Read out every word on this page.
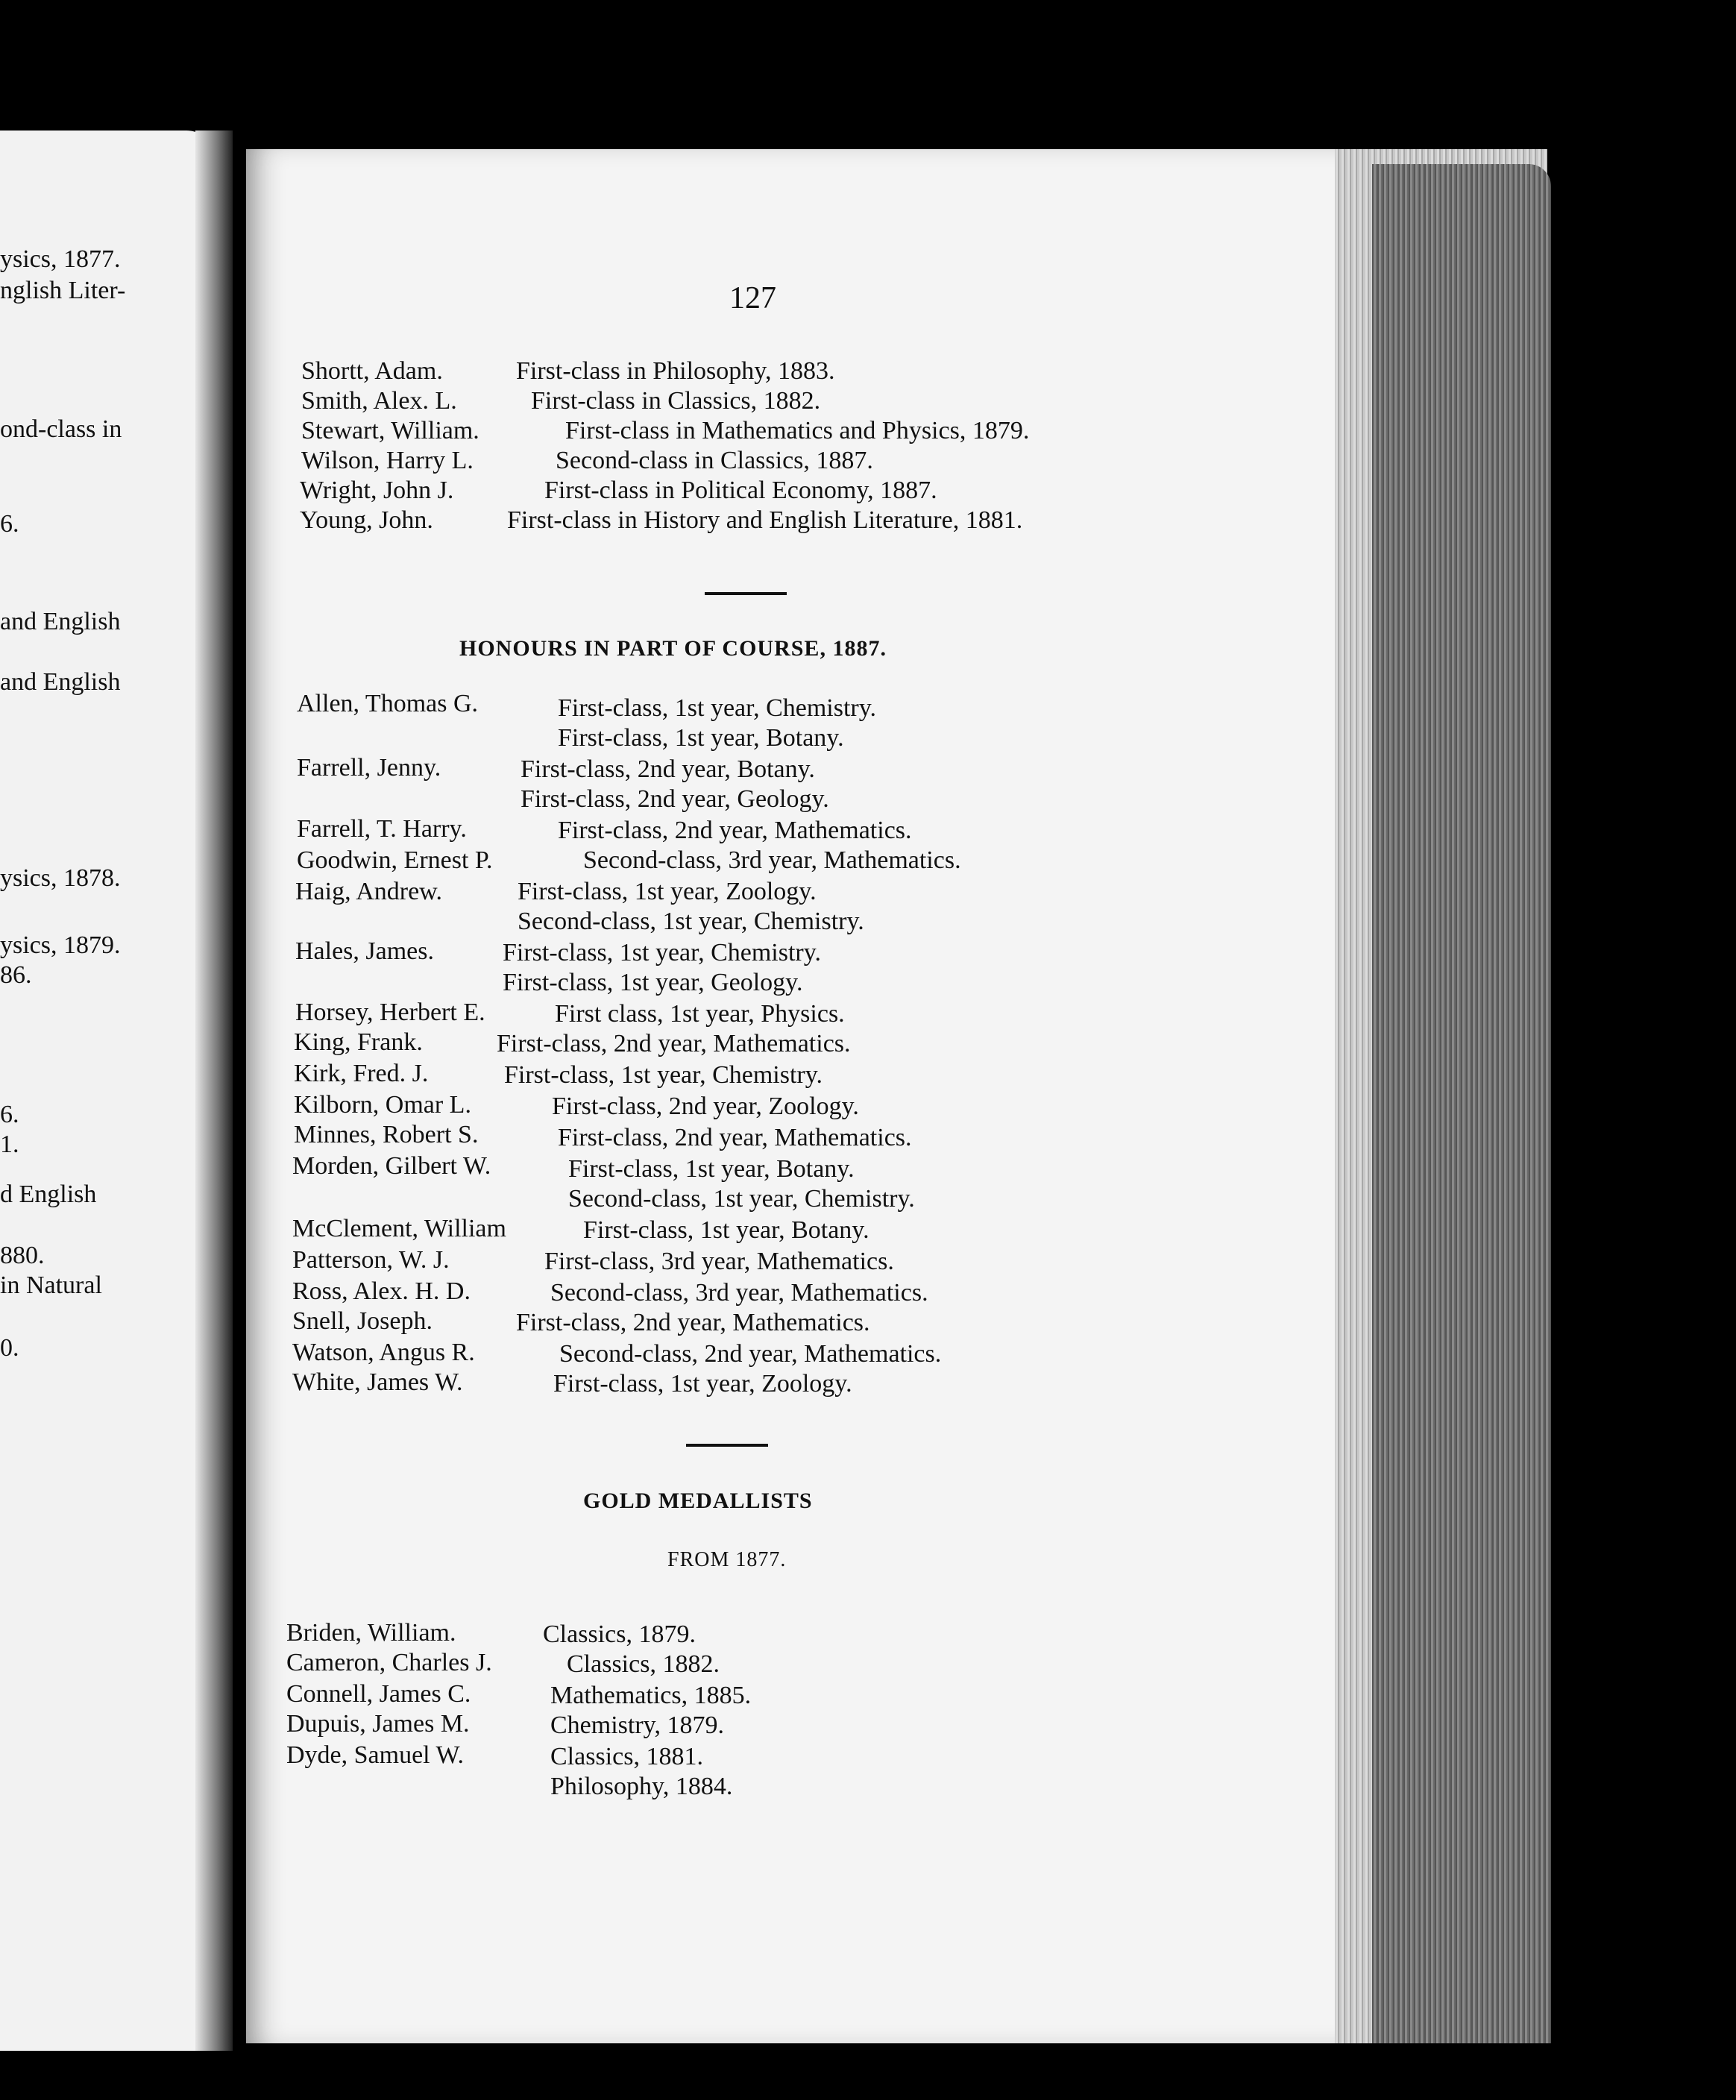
ysics, 1877.
nglish Liter-
ond-class in
6.
and English
and English
ysics, 1878.
ysics, 1879.
86.
6.
1.
d English
880.
in Natural
0.
127
Shortt, Adam.	First-class in Philosophy, 1883.
Smith, Alex. L.	First-class in Classics, 1882.
Stewart, William.	First-class in Mathematics and Physics, 1879.
Wilson, Harry L.	Second-class in Classics, 1887.
Wright, John J.	First-class in Political Economy, 1887.
Young, John.	First-class in History and English Literature, 1881.
HONOURS IN PART OF COURSE, 1887.
Allen, Thomas G.	First-class, 1st year, Chemistry.
First-class, 1st year, Botany.
Farrell, Jenny.	First-class, 2nd year, Botany.
First-class, 2nd year, Geology.
Farrell, T. Harry.	First-class, 2nd year, Mathematics.
Goodwin, Ernest P.	Second-class, 3rd year, Mathematics.
Haig, Andrew.	First-class, 1st year, Zoology.
Second-class, 1st year, Chemistry.
Hales, James.	First-class, 1st year, Chemistry.
First-class, 1st year, Geology.
Horsey, Herbert E.	First class, 1st year, Physics.
King, Frank.	First-class, 2nd year, Mathematics.
Kirk, Fred. J.	First-class, 1st year, Chemistry.
Kilborn, Omar L.	First-class, 2nd year, Zoology.
Minnes, Robert S.	First-class, 2nd year, Mathematics.
Morden, Gilbert W.	First-class, 1st year, Botany.
Second-class, 1st year, Chemistry.
McClement, William	First-class, 1st year, Botany.
Patterson, W. J.	First-class, 3rd year, Mathematics.
Ross, Alex. H. D.	Second-class, 3rd year, Mathematics.
Snell, Joseph.	First-class, 2nd year, Mathematics.
Watson, Angus R.	Second-class, 2nd year, Mathematics.
White, James W.	First-class, 1st year, Zoology.
GOLD MEDALLISTS
FROM 1877.
Briden, William.	Classics, 1879.
Cameron, Charles J.	Classics, 1882.
Connell, James C.	Mathematics, 1885.
Dupuis, James M.	Chemistry, 1879.
Dyde, Samuel W.	Classics, 1881.
Philosophy, 1884.
